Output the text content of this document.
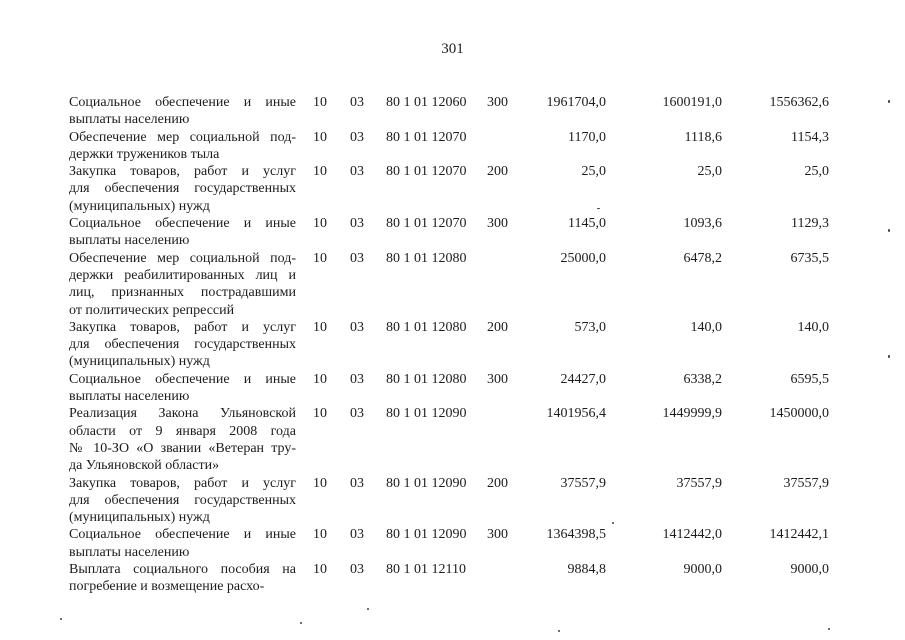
301
Социальное обеспечение и иные
выплаты населению
10 03 80 1 01 12060 300	1961704,0	1600191,0	1556362,6
Обеспечение мер социальной под-
держки тружеников тыла
10 03 80 1 01 12070	1170,0	1118,6	1154,3
Закупка товаров, работ и услуг
для обеспечения государственных
(муниципальных) нужд
10 03 80 1 01 12070 200	25,0	25,0	25,0
Социальное обеспечение и иные
выплаты населению
10 03 80 1 01 12070 300	1145,0	1093,6	1129,3
Обеспечение мер социальной под-
держки реабилитированных лиц и
лиц, признанных пострадавшими
от политических репрессий
10 03 80 1 01 12080	25000,0	6478,2	6735,5
Закупка товаров, работ и услуг
для обеспечения государственных
(муниципальных) нужд
10 03 80 1 01 12080 200	573,0	140,0	140,0
Социальное обеспечение и иные
выплаты населению
10 03 80 1 01 12080 300	24427,0	6338,2	6595,5
Реализация Закона Ульяновской
области от 9 января 2008 года
№ 10-ЗО «О звании «Ветеран тру-
да Ульяновской области»
10 03 80 1 01 12090	1401956,4	1449999,9	1450000,0
Закупка товаров, работ и услуг
для обеспечения государственных
(муниципальных) нужд
10 03 80 1 01 12090 200	37557,9	37557,9	37557,9
Социальное обеспечение и иные
выплаты населению
10 03 80 1 01 12090 300	1364398,5	1412442,0	1412442,1
Выплата социального пособия на
погребение и возмещение расхо-
10 03 80 1 01 12110	9884,8	9000,0	9000,0
